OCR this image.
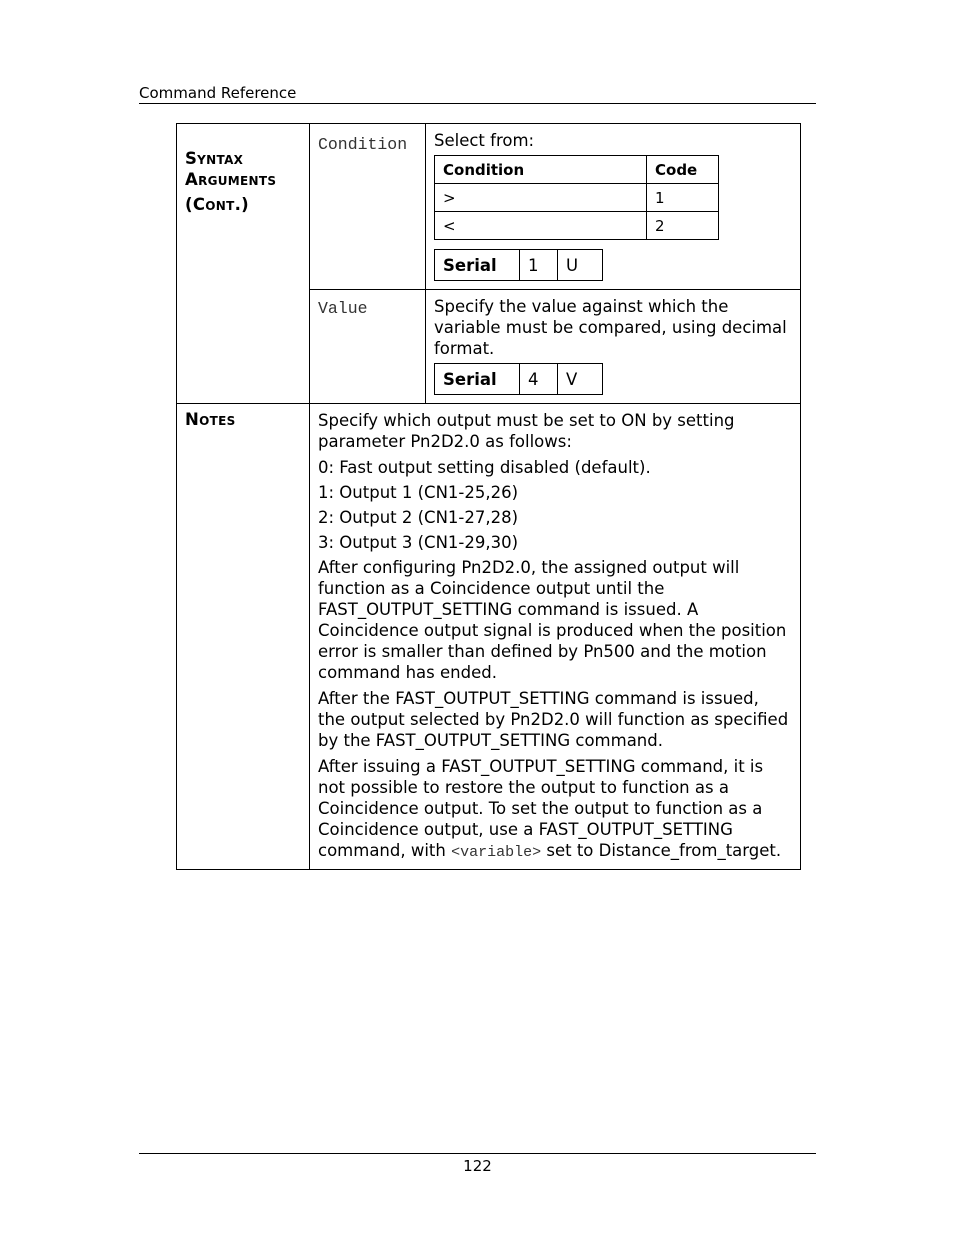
Command Reference
Syntax
Arguments
(Cont.)
	Condition	Select from:
Condition	Code
>	1
<	2
Serial	1	U

Value	Specify the value against which the variable must be compared, using decimal format.
Serial	4	V

Notes	Specify which output must be set to ON by setting parameter Pn2D2.0 as follows:
0: Fast output setting disabled (default).
1: Output 1 (CN1-25,26)
2: Output 2 (CN1-27,28)
3: Output 3 (CN1-29,30)
After configuring Pn2D2.0, the assigned output will function as a Coincidence output until the FAST_OUTPUT_SETTING command is issued. A Coincidence output signal is produced when the position error is smaller than defined by Pn500 and the motion command has ended.
After the FAST_OUTPUT_SETTING command is issued, the output selected by Pn2D2.0 will function as specified by the FAST_OUTPUT_SETTING command.
After issuing a FAST_OUTPUT_SETTING command, it is not possible to restore the output to function as a Coincidence output. To set the output to function as a Coincidence output, use a FAST_OUTPUT_SETTING command, with <variable> set to Distance_from_target.
122
